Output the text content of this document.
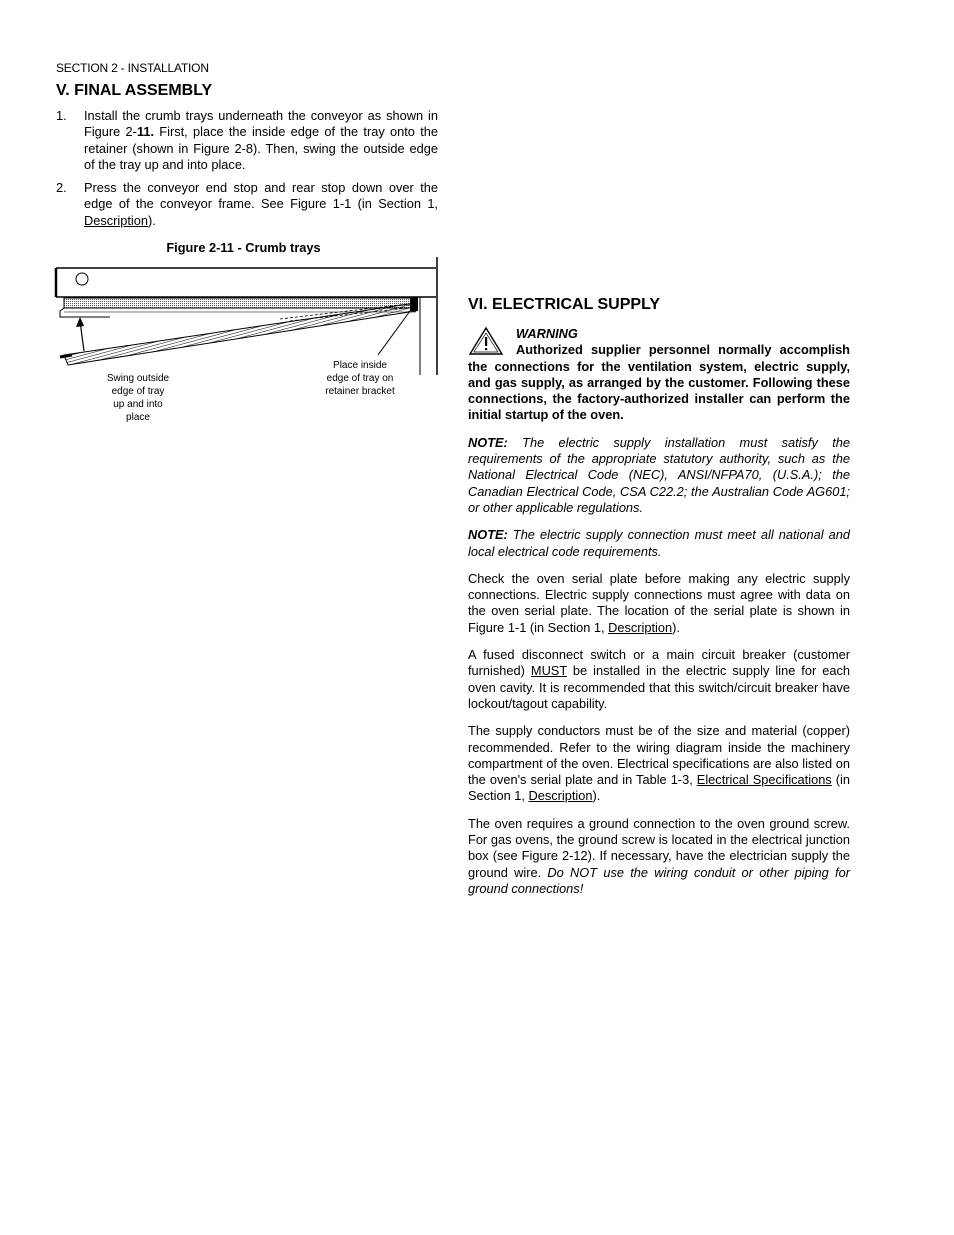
SECTION 2 - INSTALLATION
V. FINAL ASSEMBLY
1. Install the crumb trays underneath the conveyor as shown in Figure 2-11. First, place the inside edge of the tray onto the retainer (shown in Figure 2-8). Then, swing the outside edge of the tray up and into place.
2. Press the conveyor end stop and rear stop down over the edge of the conveyor frame. See Figure 1-1 (in Section 1, Description).
Figure 2-11 - Crumb trays
Swing outside
edge of tray
up and into
place
Place inside
edge of tray on
retainer bracket
VI. ELECTRICAL SUPPLY
WARNING
Authorized supplier personnel normally accomplish the connections for the ventilation system, electric supply, and gas supply, as arranged by the customer. Following these connections, the factory-authorized installer can perform the initial startup of the oven.

NOTE: The electric supply installation must satisfy the requirements of the appropriate statutory authority, such as the National Electrical Code (NEC), ANSI/NFPA70, (U.S.A.); the Canadian Electrical Code, CSA C22.2; the Australian Code AG601; or other applicable regulations.

NOTE: The electric supply connection must meet all national and local electrical code requirements.

Check the oven serial plate before making any electric supply connections. Electric supply connections must agree with data on the oven serial plate. The location of the serial plate is shown in Figure 1-1 (in Section 1, Description).

A fused disconnect switch or a main circuit breaker (customer furnished) MUST be installed in the electric supply line for each oven cavity. It is recommended that this switch/circuit breaker have lockout/tagout capability.

The supply conductors must be of the size and material (copper) recommended. Refer to the wiring diagram inside the machinery compartment of the oven. Electrical specifications are also listed on the oven's serial plate and in Table 1-3, Electrical Specifications (in Section 1, Description).

The oven requires a ground connection to the oven ground screw. For gas ovens, the ground screw is located in the electrical junction box (see Figure 2-12). If necessary, have the electrician supply the ground wire. Do NOT use the wiring conduit or other piping for ground connections!
